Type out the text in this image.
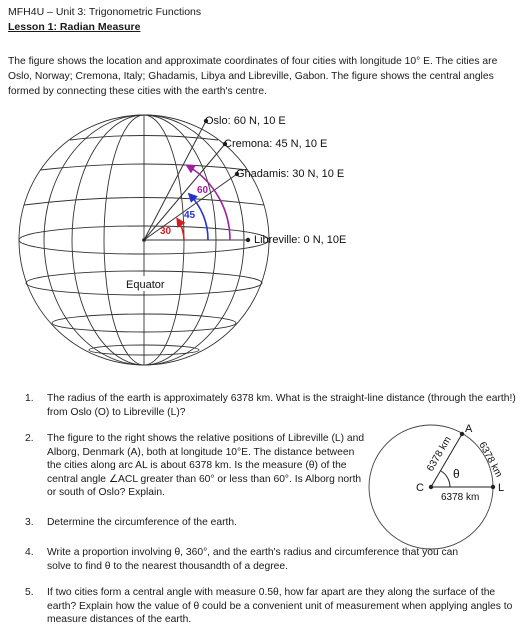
MFH4U – Unit 3: Trigonometric Functions
Lesson 1: Radian Measure
The figure shows the location and approximate coordinates of four cities with longitude 10° E. The cities are Oslo, Norway; Cremona, Italy; Ghadamis, Libya and Libreville, Gabon. The figure shows the central angles formed by connecting these cities with the earth's centre.
30
45
60
Oslo: 60 N, 10 E
Cremona: 45 N, 10 E
Ghadamis: 30 N, 10 E
Libreville: 0 N, 10E
Equator
C	L
A
θ
6378 km
6378 km 6378 km
1. The radius of the earth is approximately 6378 km. What is the straight-line distance (through the earth!) from Oslo (O) to Libreville (L)?
2. The figure to the right shows the relative positions of Libreville (L) and Alborg, Denmark (A), both at longitude 10°E. The distance between the cities along arc AL is about 6378 km. Is the measure (θ) of the central angle ∠ACL greater than 60° or less than 60°. Is Alborg north or south of Oslo? Explain.
3. Determine the circumference of the earth.
4. Write a proportion involving θ, 360°, and the earth's radius and circumference that you can solve to find θ to the nearest thousandth of a degree.
5. If two cities form a central angle with measure 0.5θ, how far apart are they along the surface of the earth? Explain how the value of θ could be a convenient unit of measurement when applying angles to measure distances of the earth.
